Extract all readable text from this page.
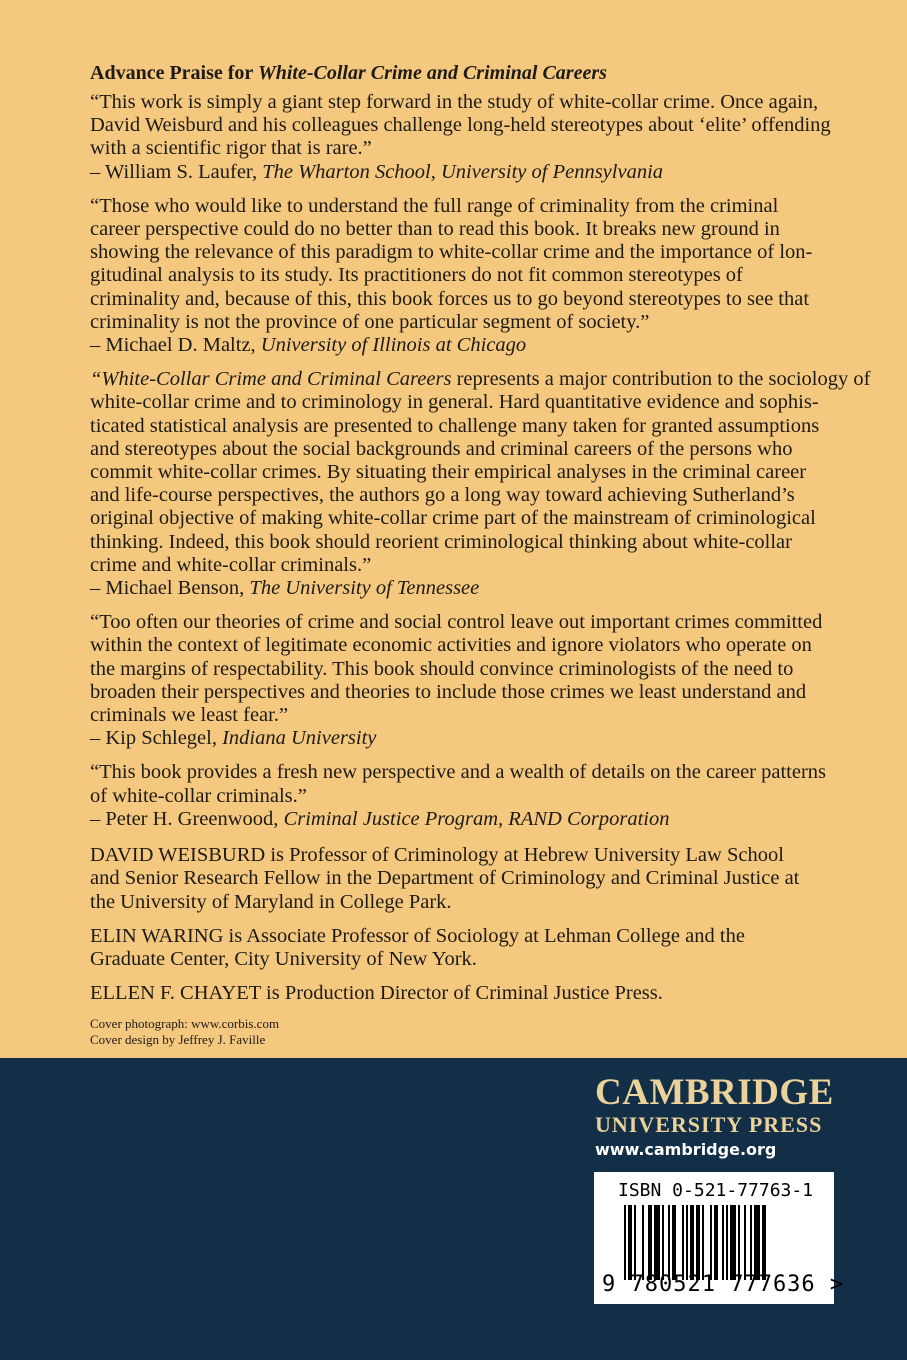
Advance Praise for White-Collar Crime and Criminal Careers
“This work is simply a giant step forward in the study of white-collar crime. Once again,
David Weisburd and his colleagues challenge long-held stereotypes about ‘elite’ offending
with a scientific rigor that is rare.”
– William S. Laufer, The Wharton School, University of Pennsylvania
“Those who would like to understand the full range of criminality from the criminal
career perspective could do no better than to read this book. It breaks new ground in
showing the relevance of this paradigm to white-collar crime and the importance of lon-
gitudinal analysis to its study. Its practitioners do not fit common stereotypes of
criminality and, because of this, this book forces us to go beyond stereotypes to see that
criminality is not the province of one particular segment of society.”
– Michael D. Maltz, University of Illinois at Chicago
“White-Collar Crime and Criminal Careers represents a major contribution to the sociology of
white-collar crime and to criminology in general. Hard quantitative evidence and sophis-
ticated statistical analysis are presented to challenge many taken for granted assumptions
and stereotypes about the social backgrounds and criminal careers of the persons who
commit white-collar crimes. By situating their empirical analyses in the criminal career
and life-course perspectives, the authors go a long way toward achieving Sutherland’s
original objective of making white-collar crime part of the mainstream of criminological
thinking. Indeed, this book should reorient criminological thinking about white-collar
crime and white-collar criminals.”
– Michael Benson, The University of Tennessee
“Too often our theories of crime and social control leave out important crimes committed
within the context of legitimate economic activities and ignore violators who operate on
the margins of respectability. This book should convince criminologists of the need to
broaden their perspectives and theories to include those crimes we least understand and
criminals we least fear.”
– Kip Schlegel, Indiana University
“This book provides a fresh new perspective and a wealth of details on the career patterns
of white-collar criminals.”
– Peter H. Greenwood, Criminal Justice Program, RAND Corporation
DAVID WEISBURD is Professor of Criminology at Hebrew University Law School
and Senior Research Fellow in the Department of Criminology and Criminal Justice at
the University of Maryland in College Park.
ELIN WARING is Associate Professor of Sociology at Lehman College and the
Graduate Center, City University of New York.
ELLEN F. CHAYET is Production Director of Criminal Justice Press.
Cover photograph: www.corbis.com
Cover design by Jeffrey J. Faville
CAMBRIDGE
UNIVERSITY PRESS
www.cambridge.org
ISBN 0-521-77763-1
9 780521 777636 >
